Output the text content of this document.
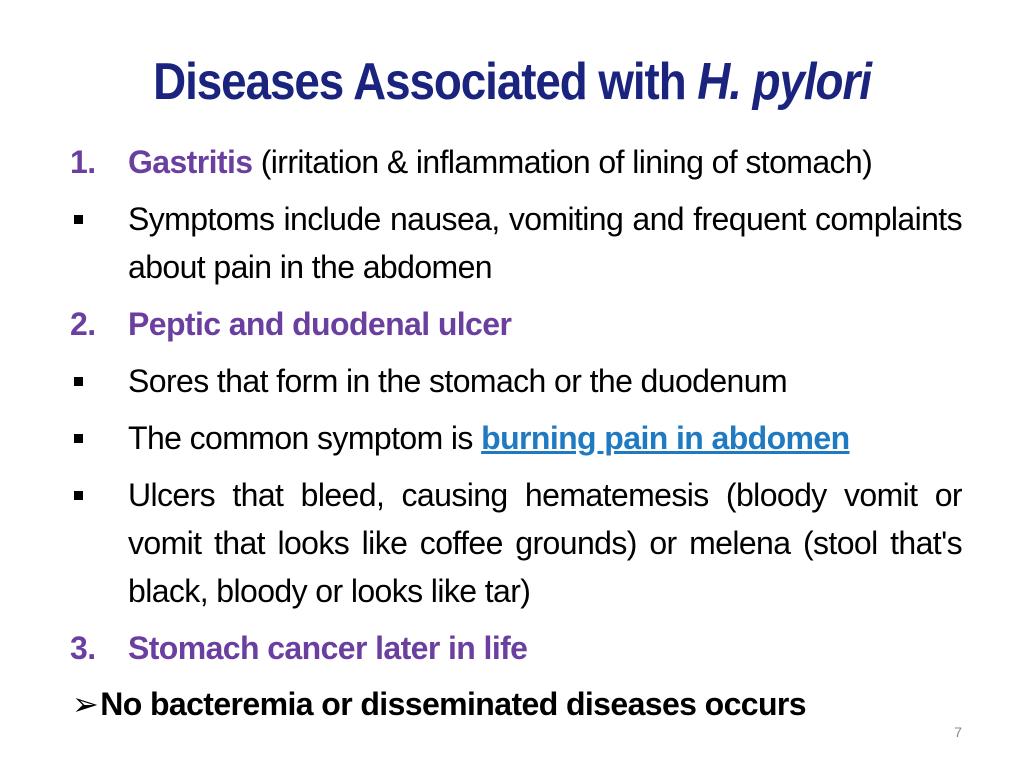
Diseases Associated with H. pylori
1. Gastritis (irritation & inflammation of lining of stomach)
Symptoms include nausea, vomiting and frequent complaints about pain in the abdomen
2. Peptic and duodenal ulcer
Sores that form in the stomach or the duodenum
The common symptom is burning pain in abdomen
Ulcers that bleed, causing hematemesis (bloody vomit or vomit that looks like coffee grounds) or melena (stool that's black, bloody or looks like tar)
3. Stomach cancer later in life
➢No bacteremia or disseminated diseases occurs
7
